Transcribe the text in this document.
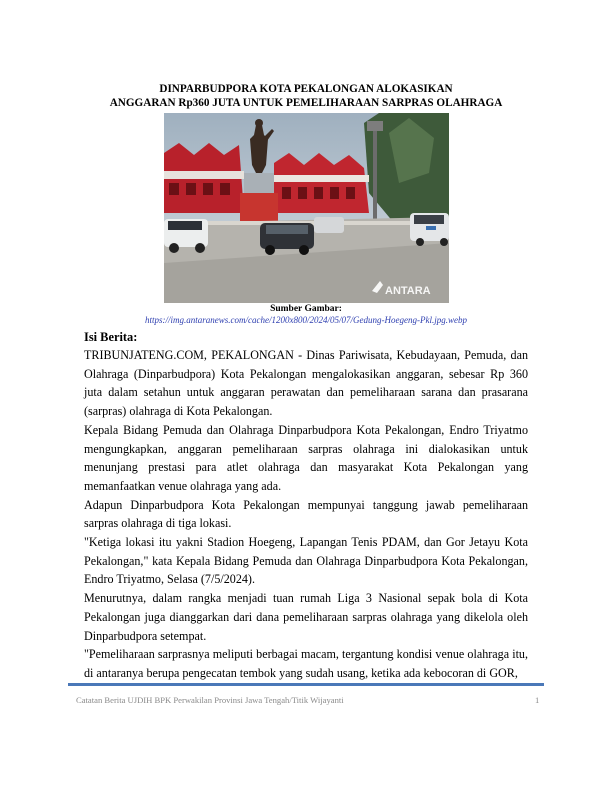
DINPARBUDPORA KOTA PEKALONGAN ALOKASIKAN
ANGGARAN Rp360 JUTA UNTUK PEMELIHARAAN SARPRAS OLAHRAGA
ANTARA
Sumber Gambar:
https://img.antaranews.com/cache/1200x800/2024/05/07/Gedung-Hoegeng-Pkl.jpg.webp
Isi Berita:

TRIBUNJATENG.COM, PEKALONGAN - Dinas Pariwisata, Kebudayaan, Pemuda, dan Olahraga (Dinparbudpora) Kota Pekalongan mengalokasikan anggaran, sebesar Rp 360 juta dalam setahun untuk anggaran perawatan dan pemeliharaan sarana dan prasarana (sarpras) olahraga di Kota Pekalongan.

Kepala Bidang Pemuda dan Olahraga Dinparbudpora Kota Pekalongan, Endro Triyatmo mengungkapkan, anggaran pemeliharaan sarpras olahraga ini dialokasikan untuk menunjang prestasi para atlet olahraga dan masyarakat Kota Pekalongan yang memanfaatkan venue olahraga yang ada.

Adapun Dinparbudpora Kota Pekalongan mempunyai tanggung jawab pemeliharaan sarpras olahraga di tiga lokasi.

"Ketiga lokasi itu yakni Stadion Hoegeng, Lapangan Tenis PDAM, dan Gor Jetayu Kota Pekalongan," kata Kepala Bidang Pemuda dan Olahraga Dinparbudpora Kota Pekalongan, Endro Triyatmo, Selasa (7/5/2024).

Menurutnya, dalam rangka menjadi tuan rumah Liga 3 Nasional sepak bola di Kota Pekalongan juga dianggarkan dari dana pemeliharaan sarpras olahraga yang dikelola oleh Dinparbudpora setempat.

"Pemeliharaan sarprasnya meliputi berbagai macam, tergantung kondisi venue olahraga itu, di antaranya berupa pengecatan tembok yang sudah usang, ketika ada kebocoran di GOR,

Catatan Berita UJDIH BPK Perwakilan Provinsi Jawa Tengah/Titik Wijayanti	1
